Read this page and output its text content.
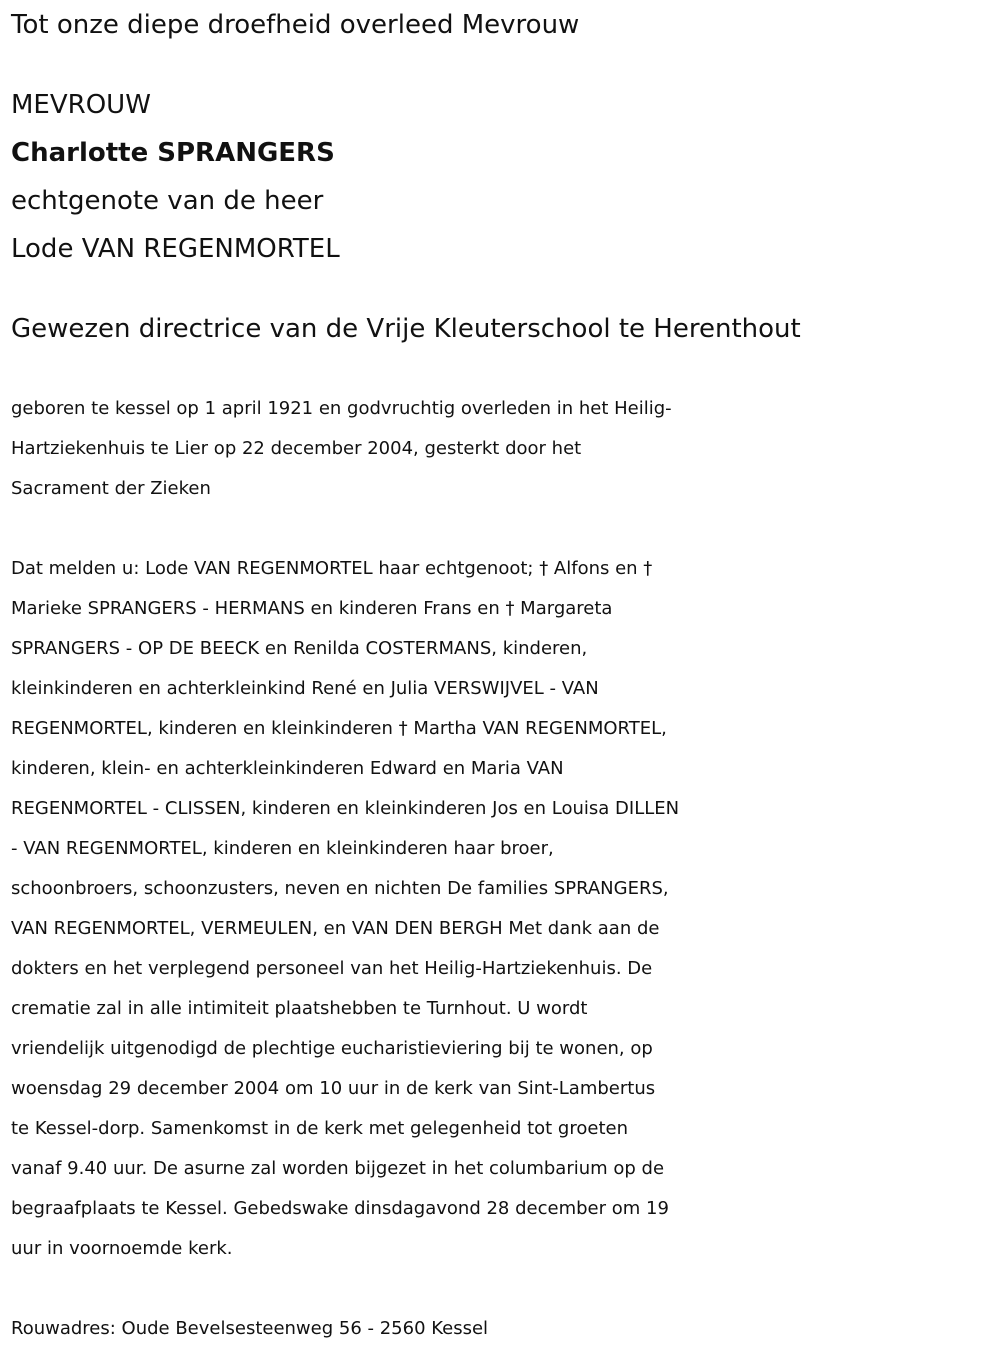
Tot onze diepe droefheid overleed Mevrouw
MEVROUW
Charlotte SPRANGERS
echtgenote van de heer
Lode VAN REGENMORTEL
Gewezen directrice van de Vrije Kleuterschool te Herenthout
geboren te kessel op 1 april 1921 en godvruchtig overleden in het Heilig-
Hartziekenhuis te Lier op 22 december 2004, gesterkt door het
Sacrament der Zieken
Dat melden u: Lode VAN REGENMORTEL haar echtgenoot; † Alfons en †
Marieke SPRANGERS - HERMANS en kinderen Frans en † Margareta
SPRANGERS - OP DE BEECK en Renilda COSTERMANS, kinderen,
kleinkinderen en achterkleinkind René en Julia VERSWIJVEL - VAN
REGENMORTEL, kinderen en kleinkinderen † Martha VAN REGENMORTEL,
kinderen, klein- en achterkleinkinderen Edward en Maria VAN
REGENMORTEL - CLISSEN, kinderen en kleinkinderen Jos en Louisa DILLEN
- VAN REGENMORTEL, kinderen en kleinkinderen haar broer,
schoonbroers, schoonzusters, neven en nichten De families SPRANGERS,
VAN REGENMORTEL, VERMEULEN, en VAN DEN BERGH Met dank aan de
dokters en het verplegend personeel van het Heilig-Hartziekenhuis. De
crematie zal in alle intimiteit plaatshebben te Turnhout. U wordt
vriendelijk uitgenodigd de plechtige eucharistieviering bij te wonen, op
woensdag 29 december 2004 om 10 uur in de kerk van Sint-Lambertus
te Kessel-dorp. Samenkomst in de kerk met gelegenheid tot groeten
vanaf 9.40 uur. De asurne zal worden bijgezet in het columbarium op de
begraafplaats te Kessel. Gebedswake dinsdagavond 28 december om 19
uur in voornoemde kerk.
Rouwadres: Oude Bevelsesteenweg 56 - 2560 Kessel
